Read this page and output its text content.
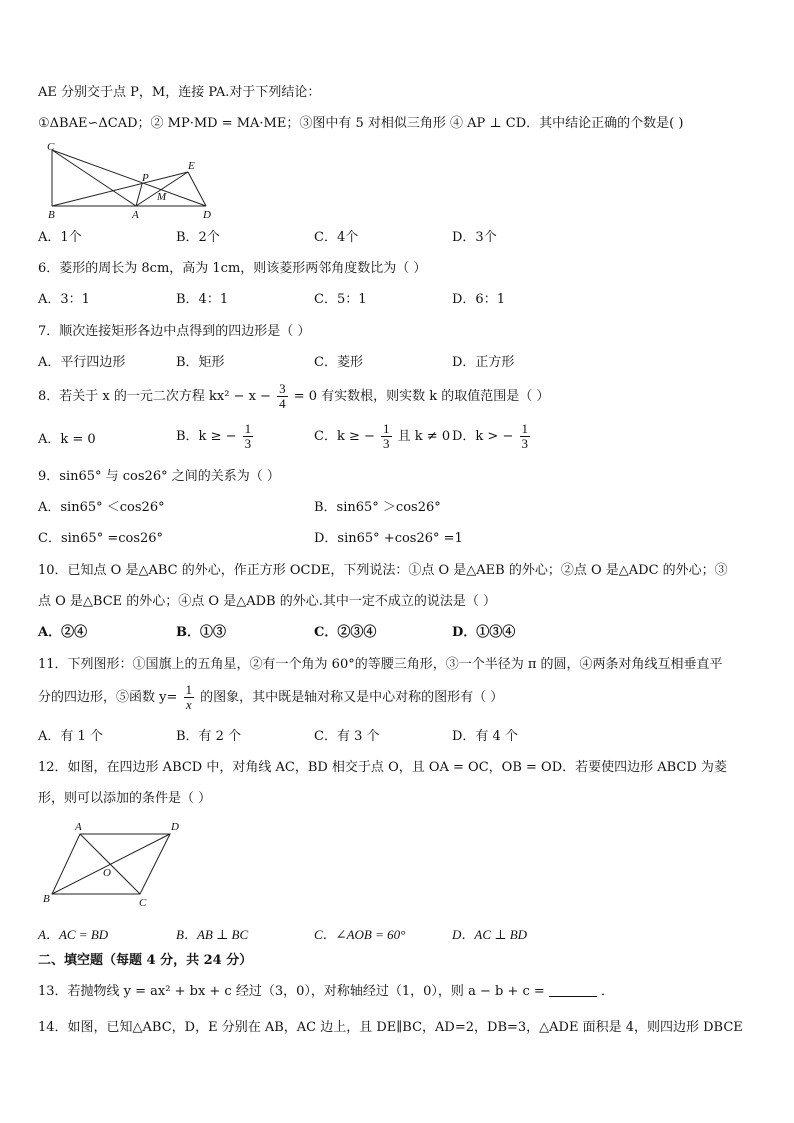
AE 分别交于点 P，M，连接 PA.对于下列结论：
①ΔBAE∽ΔCAD；② MP·MD = MA·ME；③图中有 5 对相似三角形 ④ AP ⊥ CD．其中结论正确的个数是( )
C
P
E
M
B	A	D
A．1个	B．2个	C．4个	D．3个
6．菱形的周长为 8cm，高为 1cm，则该菱形两邻角度数比为（ ）
A．3：1	B．4：1	C．5：1	D．6：1
7．顺次连接矩形各边中点得到的四边形是（ ）
A．平行四边形	B．矩形	C．菱形	D．正方形
8．若关于 x 的一元二次方程 $kx^2 - x - \frac{3}{4} = 0$ 有实数根，则实数 k 的取值范围是（ ）
A．k = 0	B．k ≥ − $\frac{1}{3}$	C．k ≥ − $\frac{1}{3}$ 且 k ≠ 0 D．k > − $\frac{1}{3}$
9．sin65° 与 cos26° 之间的关系为（ ）
A．sin65° ＜cos26°	B．sin65° ＞cos26°
C．sin65° =cos26°	D．sin65° +cos26° =1
10．已知点 O 是△ABC 的外心，作正方形 OCDE，下列说法：①点 O 是△AEB 的外心；②点 O 是△ADC 的外心；③
点 O 是△BCE 的外心；④点 O 是△ADB 的外心.其中一定不成立的说法是（ ）
A．②④	B．①③	C．②③④	D．①③④
11．下列图形：①国旗上的五角星，②有一个角为 60°的等腰三角形，③一个半径为 π 的圆，④两条对角线互相垂直平
分的四边形，⑤函数 $y= \frac{1}{x}$ 的图象，其中既是轴对称又是中心对称的图形有（ ）
A．有 1 个	B．有 2 个	C．有 3 个	D．有 4 个
12．如图，在四边形 ABCD 中，对角线 AC，BD 相交于点 O，且 OA = OC，OB = OD．若要使四边形 ABCD 为菱
形，则可以添加的条件是（ ）
A	D
O
B	C
A．AC = BD	B．AB ⊥ BC	C．∠AOB = 60°	D．AC ⊥ BD
二、填空题（每题 4 分，共 24 分）
13．若抛物线 y = ax² + bx + c 经过（3，0），对称轴经过（1，0），则 a − b + c =	．
14．如图，已知△ABC，D，E 分别在 AB，AC 边上，且 DE∥BC，AD=2，DB=3，△ADE 面积是 4，则四边形 DBCE
